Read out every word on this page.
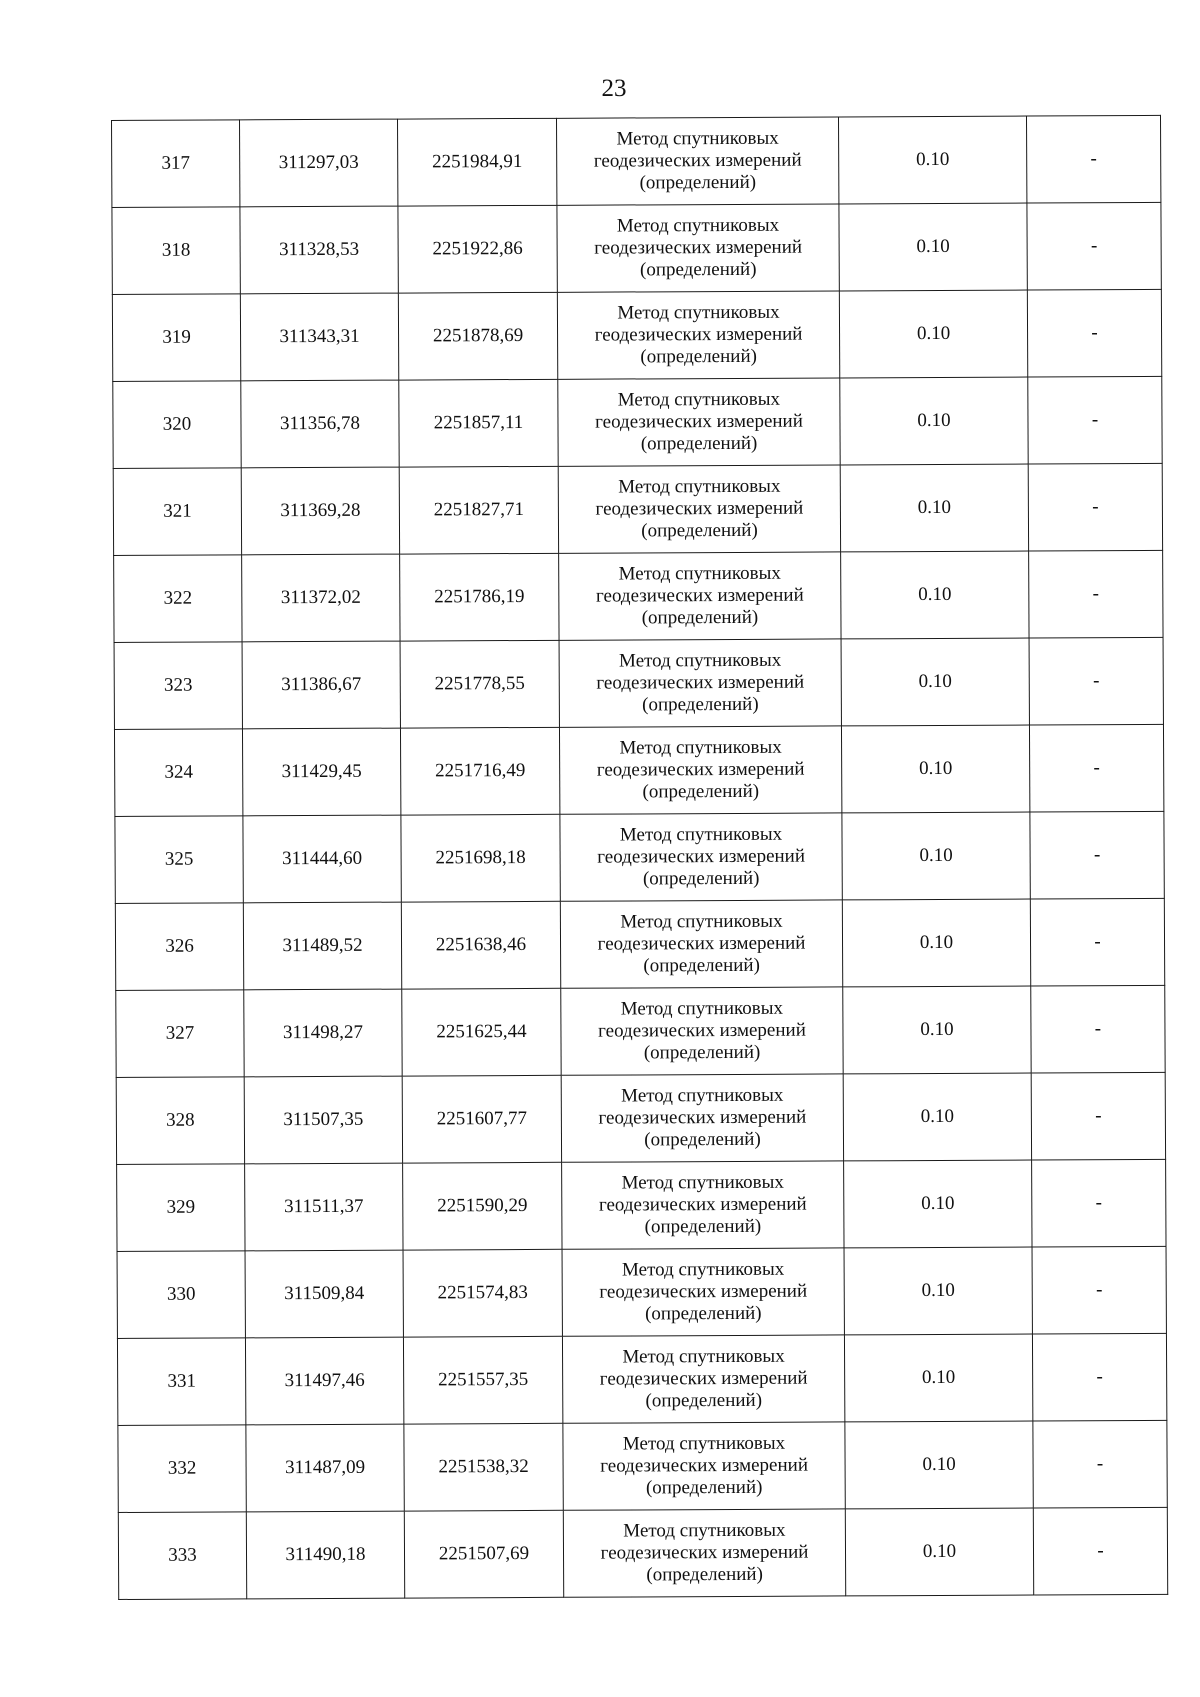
23
317	311297,03	2251984,91	Метод спутниковых
геодезических измерений
(определений)	0.10	-
318	311328,53	2251922,86	Метод спутниковых
геодезических измерений
(определений)	0.10	-
319	311343,31	2251878,69	Метод спутниковых
геодезических измерений
(определений)	0.10	-
320	311356,78	2251857,11	Метод спутниковых
геодезических измерений
(определений)	0.10	-
321	311369,28	2251827,71	Метод спутниковых
геодезических измерений
(определений)	0.10	-
322	311372,02	2251786,19	Метод спутниковых
геодезических измерений
(определений)	0.10	-
323	311386,67	2251778,55	Метод спутниковых
геодезических измерений
(определений)	0.10	-
324	311429,45	2251716,49	Метод спутниковых
геодезических измерений
(определений)	0.10	-
325	311444,60	2251698,18	Метод спутниковых
геодезических измерений
(определений)	0.10	-
326	311489,52	2251638,46	Метод спутниковых
геодезических измерений
(определений)	0.10	-
327	311498,27	2251625,44	Метод спутниковых
геодезических измерений
(определений)	0.10	-
328	311507,35	2251607,77	Метод спутниковых
геодезических измерений
(определений)	0.10	-
329	311511,37	2251590,29	Метод спутниковых
геодезических измерений
(определений)	0.10	-
330	311509,84	2251574,83	Метод спутниковых
геодезических измерений
(определений)	0.10	-
331	311497,46	2251557,35	Метод спутниковых
геодезических измерений
(определений)	0.10	-
332	311487,09	2251538,32	Метод спутниковых
геодезических измерений
(определений)	0.10	-
333	311490,18	2251507,69	Метод спутниковых
геодезических измерений
(определений)	0.10	-
